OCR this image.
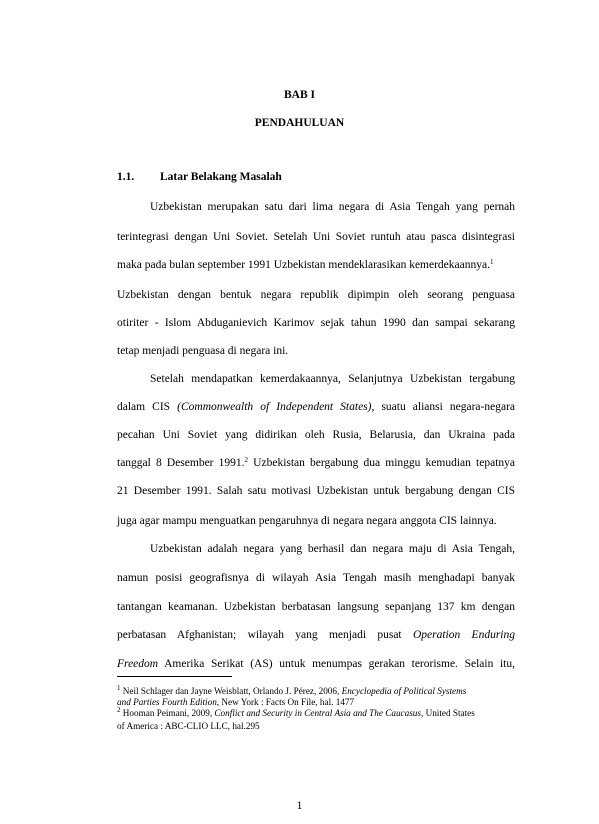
BAB I
PENDAHULUAN
1.1. Latar Belakang Masalah
Uzbekistan merupakan satu dari lima negara di Asia Tengah yang pernah
terintegrasi dengan Uni Soviet. Setelah Uni Soviet runtuh atau pasca disintegrasi
maka pada bulan september 1991 Uzbekistan mendeklarasikan kemerdekaannya.$^1$
Uzbekistan dengan bentuk negara republik dipimpin oleh seorang penguasa
otiriter - Islom Abduganievich Karimov sejak tahun 1990 dan sampai sekarang
tetap menjadi penguasa di negara ini.
Setelah mendapatkan kemerdakaannya, Selanjutnya Uzbekistan tergabung
dalam CIS (Commonwealth of Independent States), suatu aliansi negara-negara
pecahan Uni Soviet yang didirikan oleh Rusia, Belarusia, dan Ukraina pada
tanggal 8 Desember 1991.$^2$ Uzbekistan bergabung dua minggu kemudian tepatnya
21 Desember 1991. Salah satu motivasi Uzbekistan untuk bergabung dengan CIS
juga agar mampu menguatkan pengaruhnya di negara negara anggota CIS lainnya.
Uzbekistan adalah negara yang berhasil dan negara maju di Asia Tengah,
namun posisi geografisnya di wilayah Asia Tengah masih menghadapi banyak
tantangan keamanan. Uzbekistan berbatasan langsung sepanjang 137 km dengan
perbatasan Afghanistan; wilayah yang menjadi pusat Operation Enduring
Freedom Amerika Serikat (AS) untuk menumpas gerakan terorisme. Selain itu,
$^1$ Neil Schlager dan Jayne Weisblatt, Orlando J. Pérez, 2006, Encyclopedia of Political Systems
and Parties Fourth Edition, New York : Facts On File, hal. 1477
$^2$ Hooman Peimani, 2009, Conflict and Security in Central Asia and The Caucasus, United States
of America : ABC-CLIO LLC, hal.295
1
